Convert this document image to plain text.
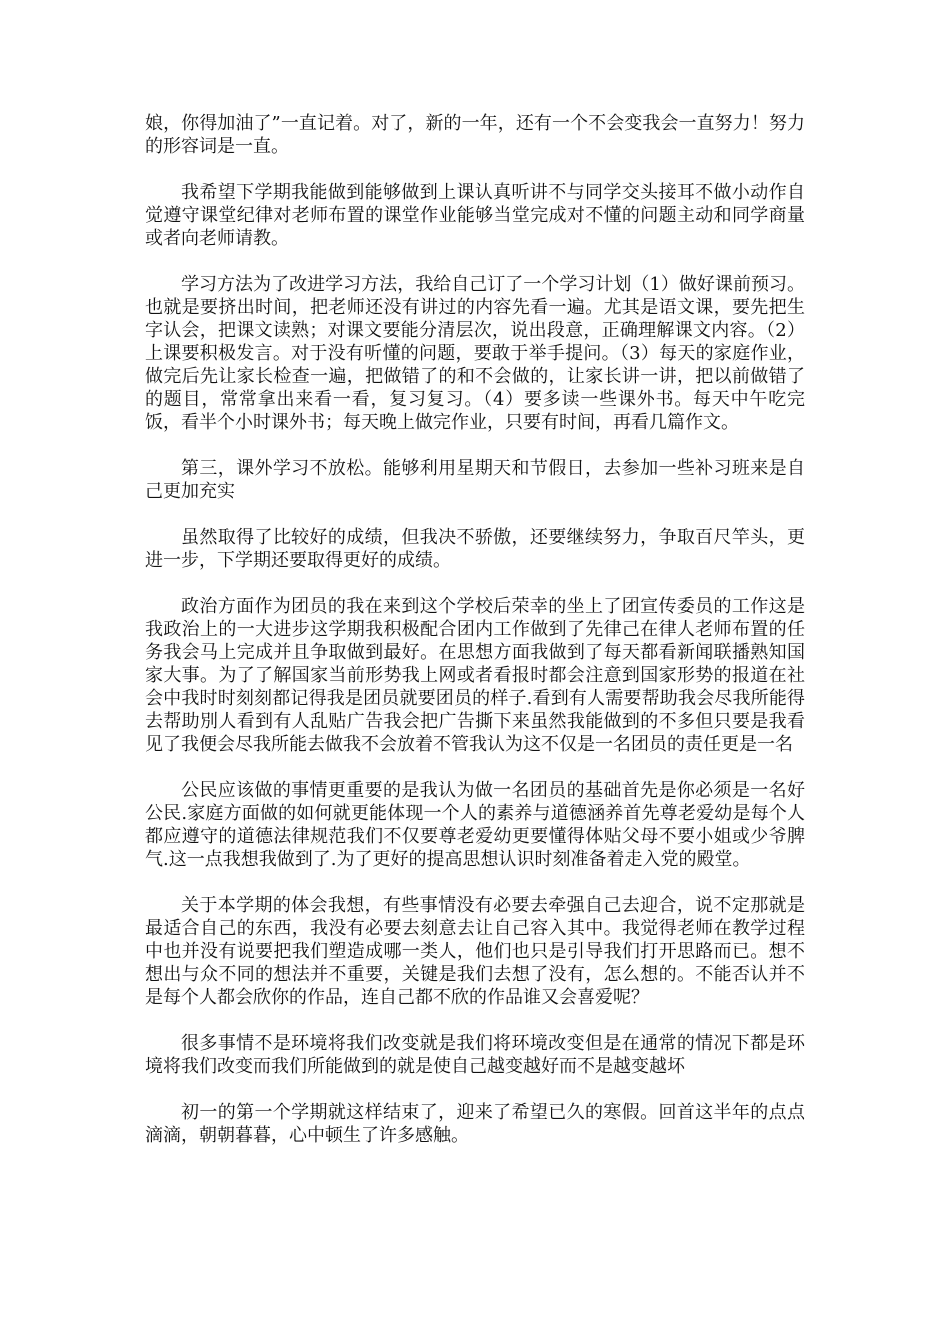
娘，你得加油了”一直记着。对了，新的一年，还有一个不会变我会一直努力！努力的形容词是一直。

我希望下学期我能做到能够做到上课认真听讲不与同学交头接耳不做小动作自觉遵守课堂纪律对老师布置的课堂作业能够当堂完成对不懂的问题主动和同学商量或者向老师请教。

学习方法为了改进学习方法，我给自己订了一个学习计划（1）做好课前预习。也就是要挤出时间，把老师还没有讲过的内容先看一遍。尤其是语文课，要先把生字认会，把课文读熟；对课文要能分清层次，说出段意，正确理解课文内容。（2）上课要积极发言。对于没有听懂的问题，要敢于举手提问。（3）每天的家庭作业，做完后先让家长检查一遍，把做错了的和不会做的，让家长讲一讲，把以前做错了的题目，常常拿出来看一看，复习复习。（4）要多读一些课外书。每天中午吃完饭，看半个小时课外书；每天晚上做完作业，只要有时间，再看几篇作文。

第三，课外学习不放松。能够利用星期天和节假日，去参加一些补习班来是自己更加充实

虽然取得了比较好的成绩，但我决不骄傲，还要继续努力，争取百尺竿头，更进一步，下学期还要取得更好的成绩。

政治方面作为团员的我在来到这个学校后荣幸的坐上了团宣传委员的工作这是我政治上的一大进步这学期我积极配合团内工作做到了先律己在律人老师布置的任务我会马上完成并且争取做到最好。在思想方面我做到了每天都看新闻联播熟知国家大事。为了了解国家当前形势我上网或者看报时都会注意到国家形势的报道在社会中我时时刻刻都记得我是团员就要团员的样子.看到有人需要帮助我会尽我所能得去帮助別人看到有人乱贴广告我会把广告撕下来虽然我能做到的不多但只要是我看见了我便会尽我所能去做我不会放着不管我认为这不仅是一名团员的责任更是一名

公民应该做的事情更重要的是我认为做一名团员的基础首先是你必须是一名好公民.家庭方面做的如何就更能体现一个人的素养与道德涵养首先尊老爱幼是每个人都应遵守的道德法律规范我们不仅要尊老爱幼更要懂得体贴父母不要小姐或少爷脾气.这一点我想我做到了.为了更好的提高思想认识时刻准备着走入党的殿堂。

关于本学期的体会我想，有些事情没有必要去牵强自己去迎合，说不定那就是最适合自己的东西，我没有必要去刻意去让自己容入其中。我觉得老师在教学过程中也并没有说要把我们塑造成哪一类人，他们也只是引导我们打开思路而已。想不想出与众不同的想法并不重要，关键是我们去想了没有，怎么想的。不能否认并不是每个人都会欣你的作品，连自己都不欣的作品谁又会喜爱呢？

很多事情不是环境将我们改变就是我们将环境改变但是在通常的情况下都是环境将我们改变而我们所能做到的就是使自己越变越好而不是越变越坏

初一的第一个学期就这样结束了，迎来了希望已久的寒假。回首这半年的点点滴滴，朝朝暮暮，心中顿生了许多感触。
